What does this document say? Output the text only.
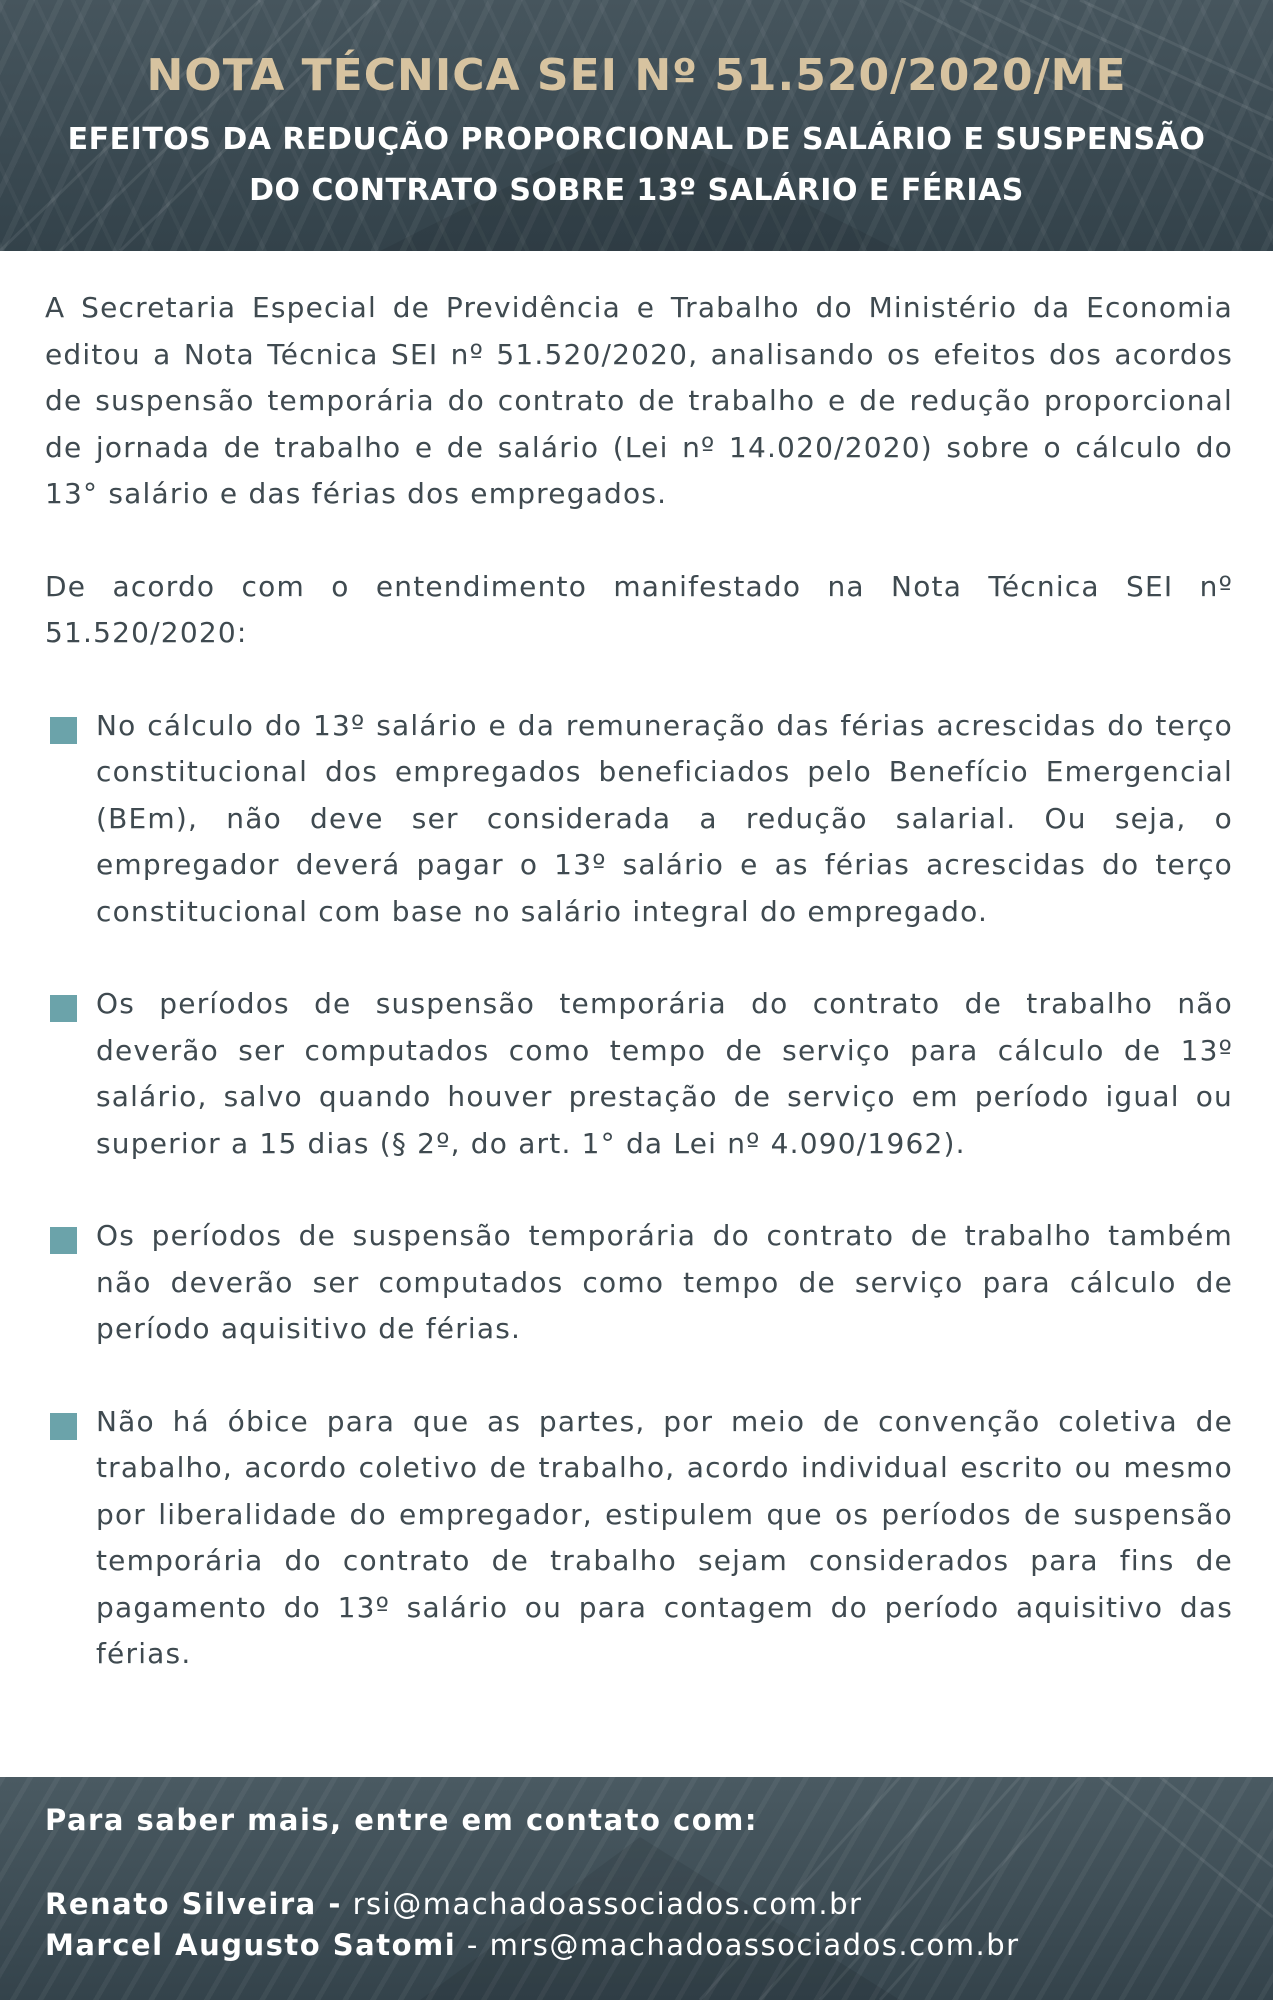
NOTA TÉCNICA SEI Nº 51.520/2020/ME
EFEITOS DA REDUÇÃO PROPORCIONAL DE SALÁRIO E SUSPENSÃO
DO CONTRATO SOBRE 13º SALÁRIO E FÉRIAS

A Secretaria Especial de Previdência e Trabalho do Ministério da Economia editou a Nota Técnica SEI nº 51.520/2020, analisando os efeitos dos acordos de suspensão temporária do contrato de trabalho e de redução proporcional de jornada de trabalho e de salário (Lei nº 14.020/2020) sobre o cálculo do 13° salário e das férias dos empregados.

De acordo com o entendimento manifestado na Nota Técnica SEI nº 51.520/2020:

No cálculo do 13º salário e da remuneração das férias acrescidas do terço constitucional dos empregados beneficiados pelo Benefício Emergencial (BEm), não deve ser considerada a redução salarial. Ou seja, o empregador deverá pagar o 13º salário e as férias acrescidas do terço constitucional com base no salário integral do empregado.
Os períodos de suspensão temporária do contrato de trabalho não deverão ser computados como tempo de serviço para cálculo de 13º salário, salvo quando houver prestação de serviço em período igual ou superior a 15 dias (§ 2º, do art. 1° da Lei nº 4.090/1962).
Os períodos de suspensão temporária do contrato de trabalho também não deverão ser computados como tempo de serviço para cálculo de período aquisitivo de férias.
Não há óbice para que as partes, por meio de convenção coletiva de trabalho, acordo coletivo de trabalho, acordo individual escrito ou mesmo por liberalidade do empregador, estipulem que os períodos de suspensão temporária do contrato de trabalho sejam considerados para fins de pagamento do 13º salário ou para contagem do período aquisitivo das férias.
Para saber mais, entre em contato com:
Renato Silveira - rsi@machadoassociados.com.br
Marcel Augusto Satomi - mrs@machadoassociados.com.br
